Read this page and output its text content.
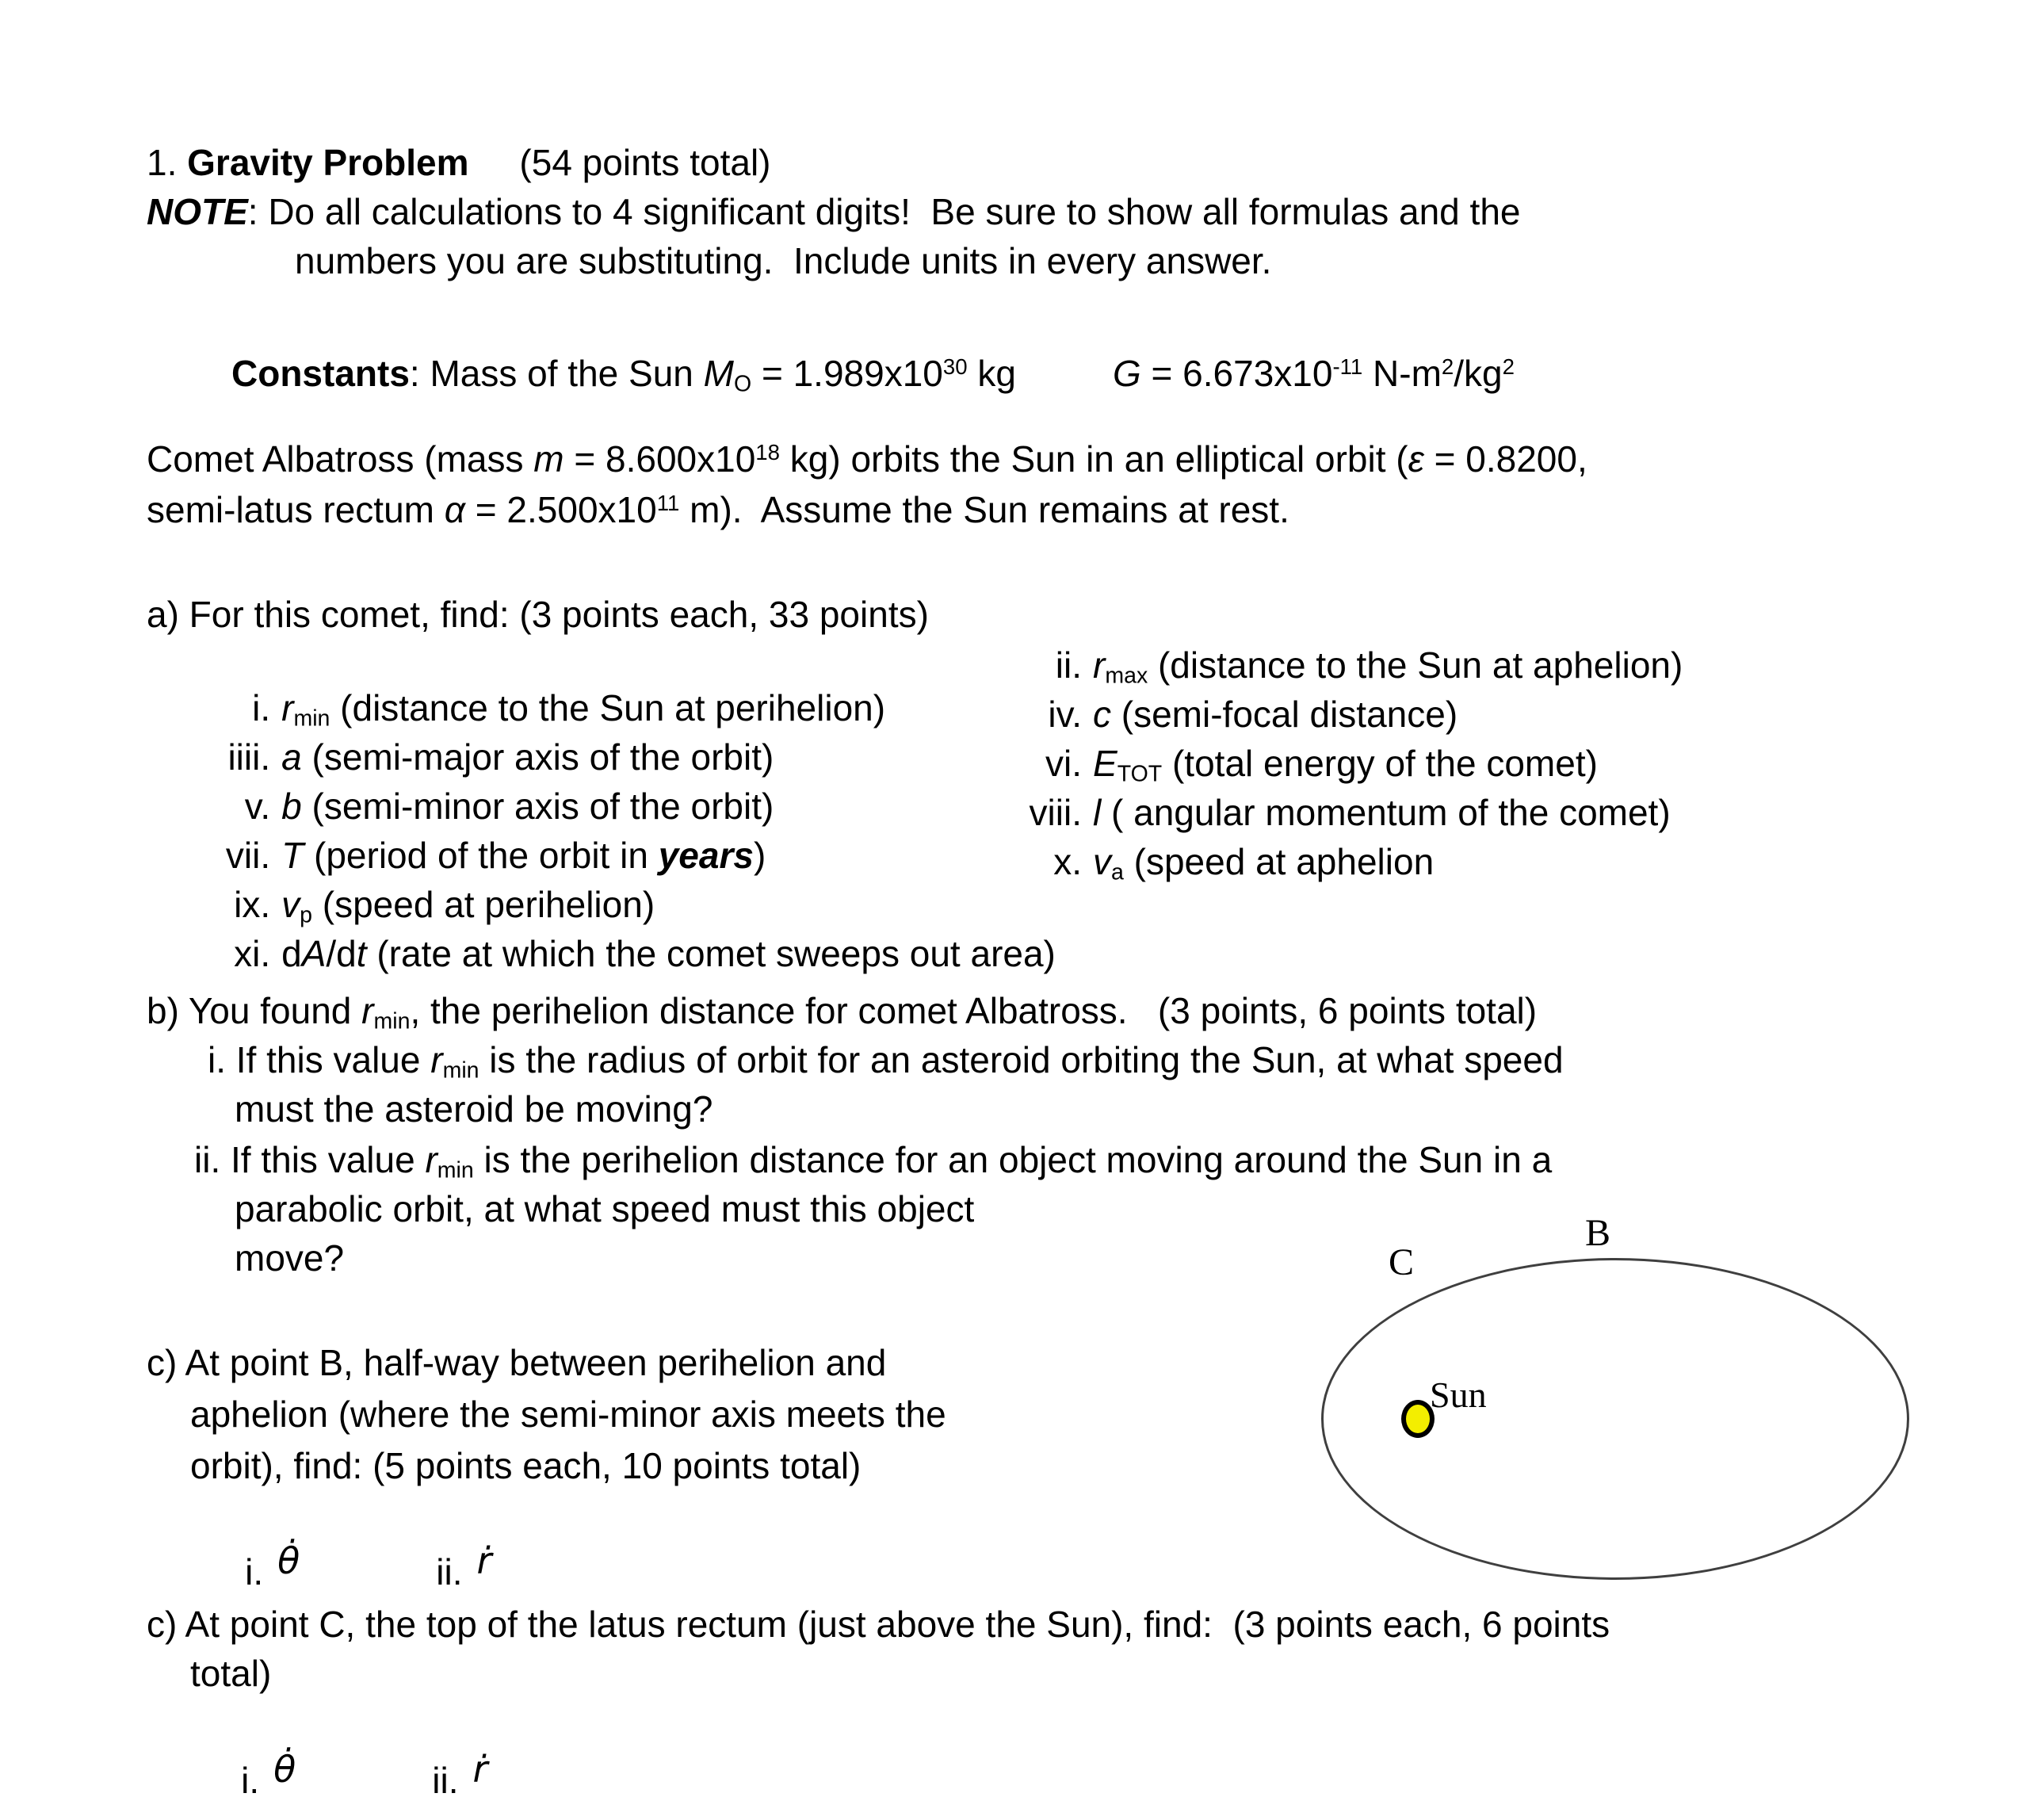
1. Gravity Problem     (54 points total)
NOTE: Do all calculations to 4 significant digits!  Be sure to show all formulas and the
numbers you are substituting.  Include units in every answer.
Constants: Mass of the Sun MO = $1.989x10^{30}$ kg	$G = 6.673x10^{-11}$ $N-m^2/kg^2$
Comet Albatross (mass $m = 8.600x10^{18}$ kg) orbits the Sun in an elliptical orbit (ε = 0.8200,
semi-latus rectum $\alpha = 2.500x10^{11}$ m).  Assume the Sun remains at rest.
a) For this comet, find: (3 points each, 33 points)

i. rmin (distance to the Sun at perihelion)

ii. rmax (distance to the Sun at aphelion)

iiii. a (semi-major axis of the orbit)

iv. c (semi-focal distance)

v. b (semi-minor axis of the orbit)

vi. ETOT (total energy of the comet)

vii. T (period of the orbit in years)

viii. l ( angular momentum of the comet)

ix. vp (speed at perihelion)

x. va (speed at aphelion

xi. dA/dt (rate at which the comet sweeps out area)

b) You found rmin, the perihelion distance for comet Albatross.   (3 points, 6 points total)
i. If this value rmin is the radius of orbit for an asteroid orbiting the Sun, at what speed
must the asteroid be moving?
ii. If this value rmin is the perihelion distance for an object moving around the Sun in a
parabolic orbit, at what speed must this object
move?
c) At point B, half-way between perihelion and
aphelion (where the semi-minor axis meets the
orbit), find: (5 points each, 10 points total)

i. θ̇	ii. ṙ

B
C
Sun
c) At point C, the top of the latus rectum (just above the Sun), find:  (3 points each, 6 points
total)

i. θ̇	ii. ṙ
